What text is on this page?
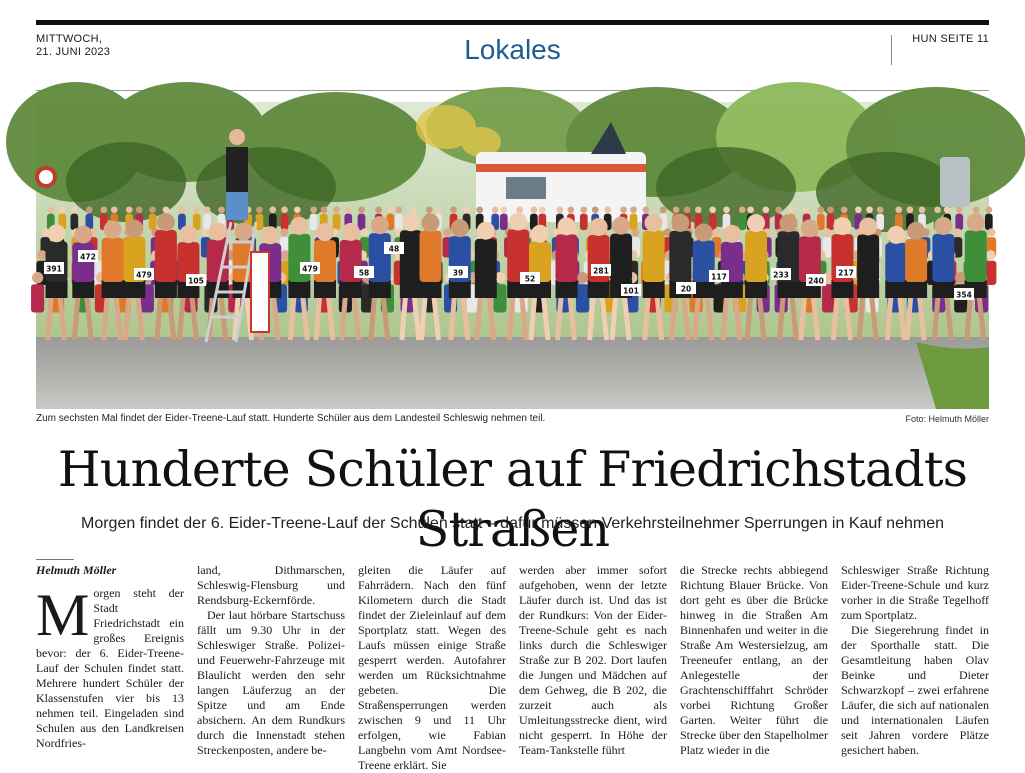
MITTWOCH,
21. JUNI 2023	Lokales	HUN SEITE 11
391
472
479
105
479	58
48
39	281
52
101	20
117	233
240
217
354
Zum sechsten Mal findet der Eider-Treene-Lauf statt. Hunderte Schüler aus dem Landesteil Schleswig nehmen teil.	Foto: Helmuth Möller
Hunderte Schüler auf Friedrichstadts Straßen
Morgen findet der 6. Eider-Treene-Lauf der Schulen statt – dafür müssen Verkehrsteilnehmer Sperrungen in Kauf nehmen
Helmuth Möller
M orgen steht der Stadt Friedrichstadt ein großes Ereignis bevor: der 6. Eider-Treene-Lauf der Schulen findet statt. Mehrere hundert Schüler der Klassenstufen vier bis 13 nehmen teil. Eingeladen sind Schulen aus den Landkreisen Nordfries-

land, Dithmarschen, Schleswig-Flensburg und Rendsburg-Eckernförde.

Der laut hörbare Startschuss fällt um 9.30 Uhr in der Schleswiger Straße. Polizei- und Feuerwehr-Fahrzeuge mit Blaulicht werden den sehr langen Läuferzug an der Spitze und am Ende absichern. An dem Rundkurs durch die Innenstadt stehen Streckenposten, andere be-

gleiten die Läufer auf Fahrrädern. Nach den fünf Kilometern durch die Stadt findet der Zieleinlauf auf dem Sportplatz statt. Wegen des Laufs müssen einige Straße gesperrt werden. Autofahrer werden um Rücksichtnahme gebeten. Die Straßensperrungen werden zwischen 9 und 11 Uhr erfolgen, wie Fabian Langbehn vom Amt Nordsee-Treene erklärt. Sie

werden aber immer sofort aufgehoben, wenn der letzte Läufer durch ist. Und das ist der Rundkurs: Von der Eider-Treene-Schule geht es nach links durch die Schleswiger Straße zur B 202. Dort laufen die Jungen und Mädchen auf dem Gehweg, die B 202, die zurzeit auch als Umleitungsstrecke dient, wird nicht gesperrt. In Höhe der Team-Tankstelle führt

die Strecke rechts abbiegend Richtung Blauer Brücke. Von dort geht es über die Brücke hinweg in die Straßen Am Binnenhafen und weiter in die Straße Am Westersielzug, am Treeneufer entlang, an der Anlegestelle der Grachtenschifffahrt Schröder vorbei Richtung Großer Garten. Weiter führt die Strecke über den Stapelholmer Platz wieder in die

Schleswiger Straße Richtung Eider-Treene-Schule und kurz vorher in die Straße Tegelhoff zum Sportplatz.

Die Siegerehrung findet in der Sporthalle statt. Die Gesamtleitung haben Olav Beinke und Dieter Schwarzkopf – zwei erfahrene Läufer, die sich auf nationalen und internationalen Läufen seit Jahren vordere Plätze gesichert haben.
